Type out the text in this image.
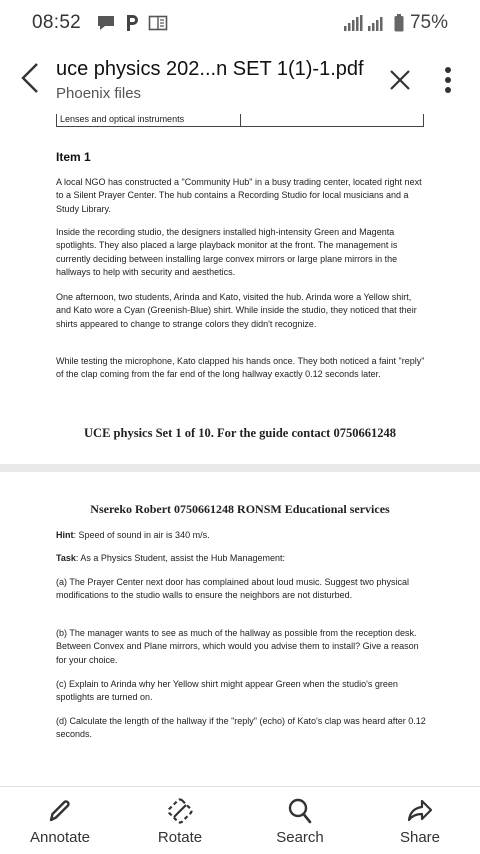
08:52	75%
uce physics 202...n SET 1(1)-1.pdf
Phoenix files
Lenses and optical instruments
Item 1

A local NGO has constructed a "Community Hub" in a busy trading center, located right next to a Silent Prayer Center. The hub contains a Recording Studio for local musicians and a Study Library.

Inside the recording studio, the designers installed high-intensity Green and Magenta spotlights. They also placed a large playback monitor at the front. The management is currently deciding between installing large convex mirrors or large plane mirrors in the hallways to help with security and aesthetics.

One afternoon, two students, Arinda and Kato, visited the hub. Arinda wore a Yellow shirt, and Kato wore a Cyan (Greenish-Blue) shirt. While inside the studio, they noticed that their shirts appeared to change to strange colors they didn't recognize.

While testing the microphone, Kato clapped his hands once. They both noticed a faint "reply" of the clap coming from the far end of the long hallway exactly 0.12 seconds later.

UCE physics Set 1 of 10. For the guide contact 0750661248
Nsereko Robert 0750661248 RONSM Educational services

Hint: Speed of sound in air is 340 m/s.

Task: As a Physics Student, assist the Hub Management:

(a) The Prayer Center next door has complained about loud music. Suggest two physical modifications to the studio walls to ensure the neighbors are not disturbed.

(b) The manager wants to see as much of the hallway as possible from the reception desk. Between Convex and Plane mirrors, which would you advise them to install? Give a reason for your choice.

(c) Explain to Arinda why her Yellow shirt might appear Green when the studio's green spotlights are turned on.

(d) Calculate the length of the hallway if the "reply" (echo) of Kato's clap was heard after 0.12 seconds.

Annotate	Rotate	Search	Share
